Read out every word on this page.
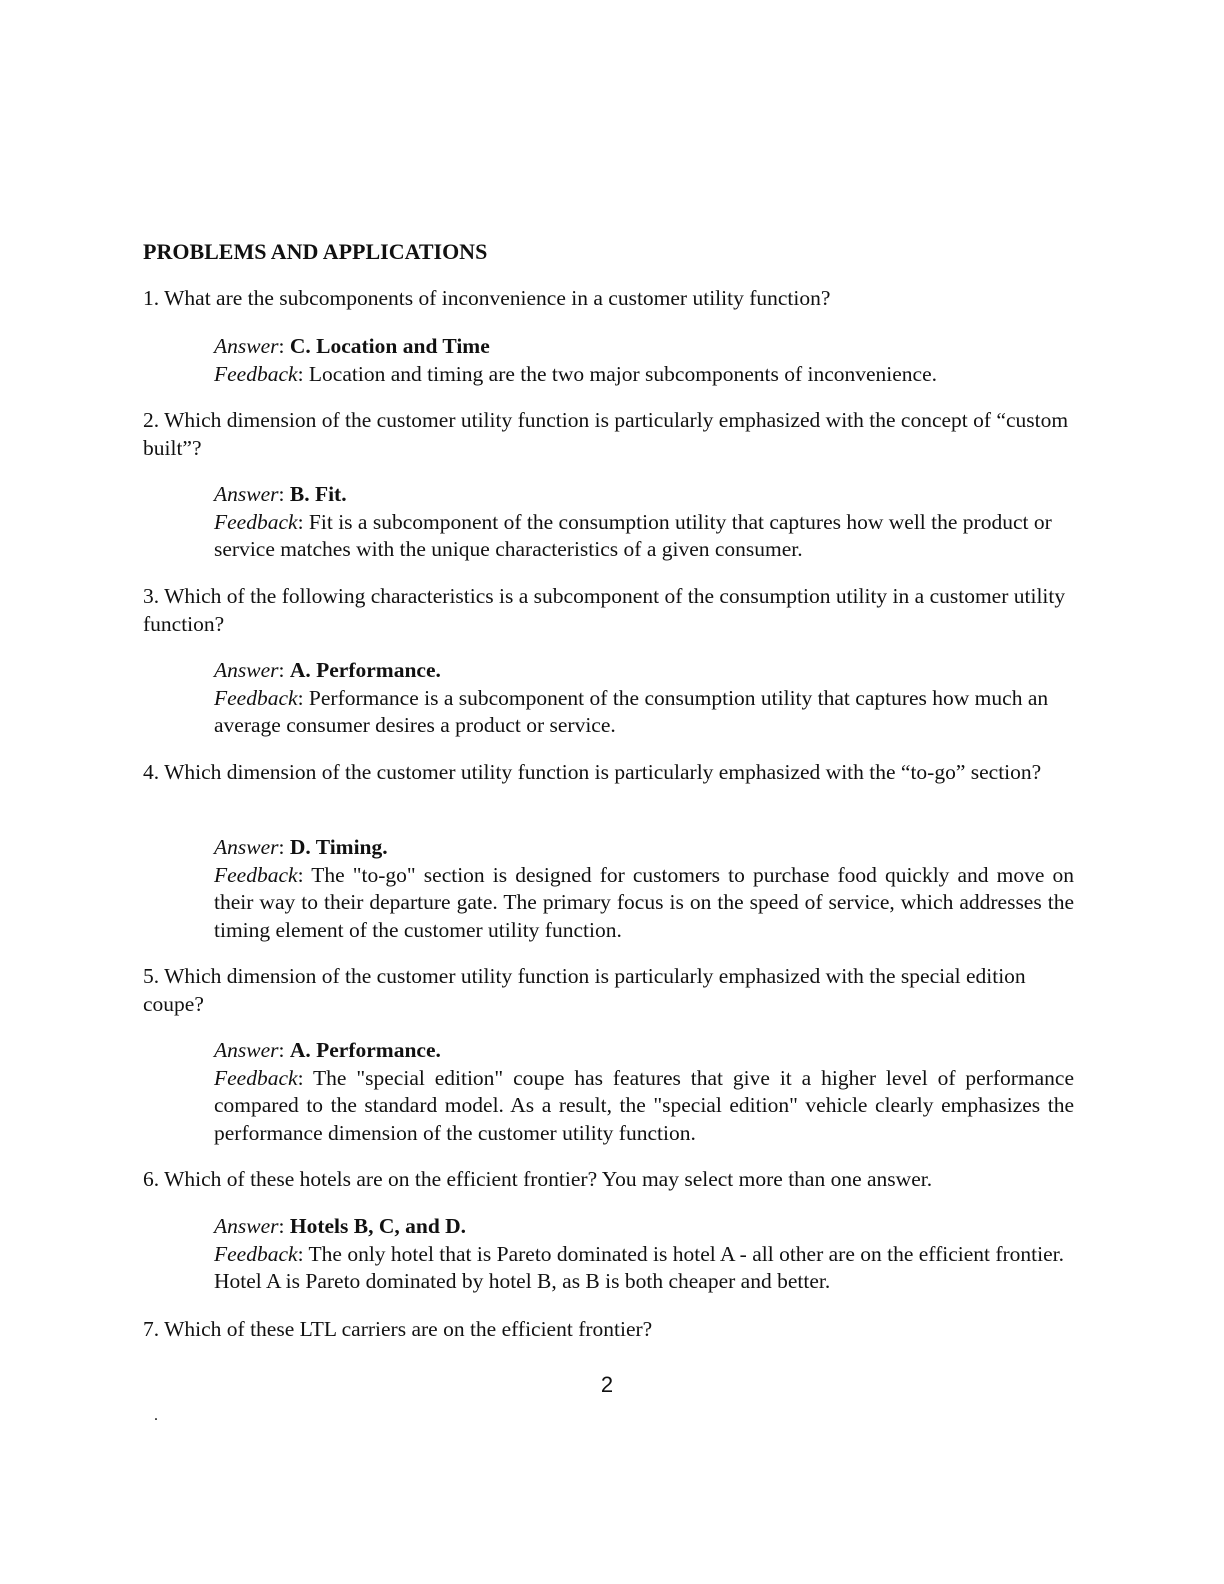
PROBLEMS AND APPLICATIONS
1. What are the subcomponents of inconvenience in a customer utility function?
Answer: C. Location and Time
Feedback: Location and timing are the two major subcomponents of inconvenience.
2. Which dimension of the customer utility function is particularly emphasized with the concept of “custom built”?
Answer: B. Fit.
Feedback: Fit is a subcomponent of the consumption utility that captures how well the product or service matches with the unique characteristics of a given consumer.
3. Which of the following characteristics is a subcomponent of the consumption utility in a customer utility function?
Answer: A. Performance.
Feedback: Performance is a subcomponent of the consumption utility that captures how much an average consumer desires a product or service.
4. Which dimension of the customer utility function is particularly emphasized with the “to-go” section?
Answer: D. Timing.
Feedback: The "to-go" section is designed for customers to purchase food quickly and move on their way to their departure gate. The primary focus is on the speed of service, which addresses the timing element of the customer utility function.
5. Which dimension of the customer utility function is particularly emphasized with the special edition coupe?
Answer: A. Performance.
Feedback: The "special edition" coupe has features that give it a higher level of performance compared to the standard model. As a result, the "special edition" vehicle clearly emphasizes the performance dimension of the customer utility function.
6. Which of these hotels are on the efficient frontier? You may select more than one answer.
Answer: Hotels B, C, and D.
Feedback: The only hotel that is Pareto dominated is hotel A - all other are on the efficient frontier. Hotel A is Pareto dominated by hotel B, as B is both cheaper and better.
7. Which of these LTL carriers are on the efficient frontier?
2
.
